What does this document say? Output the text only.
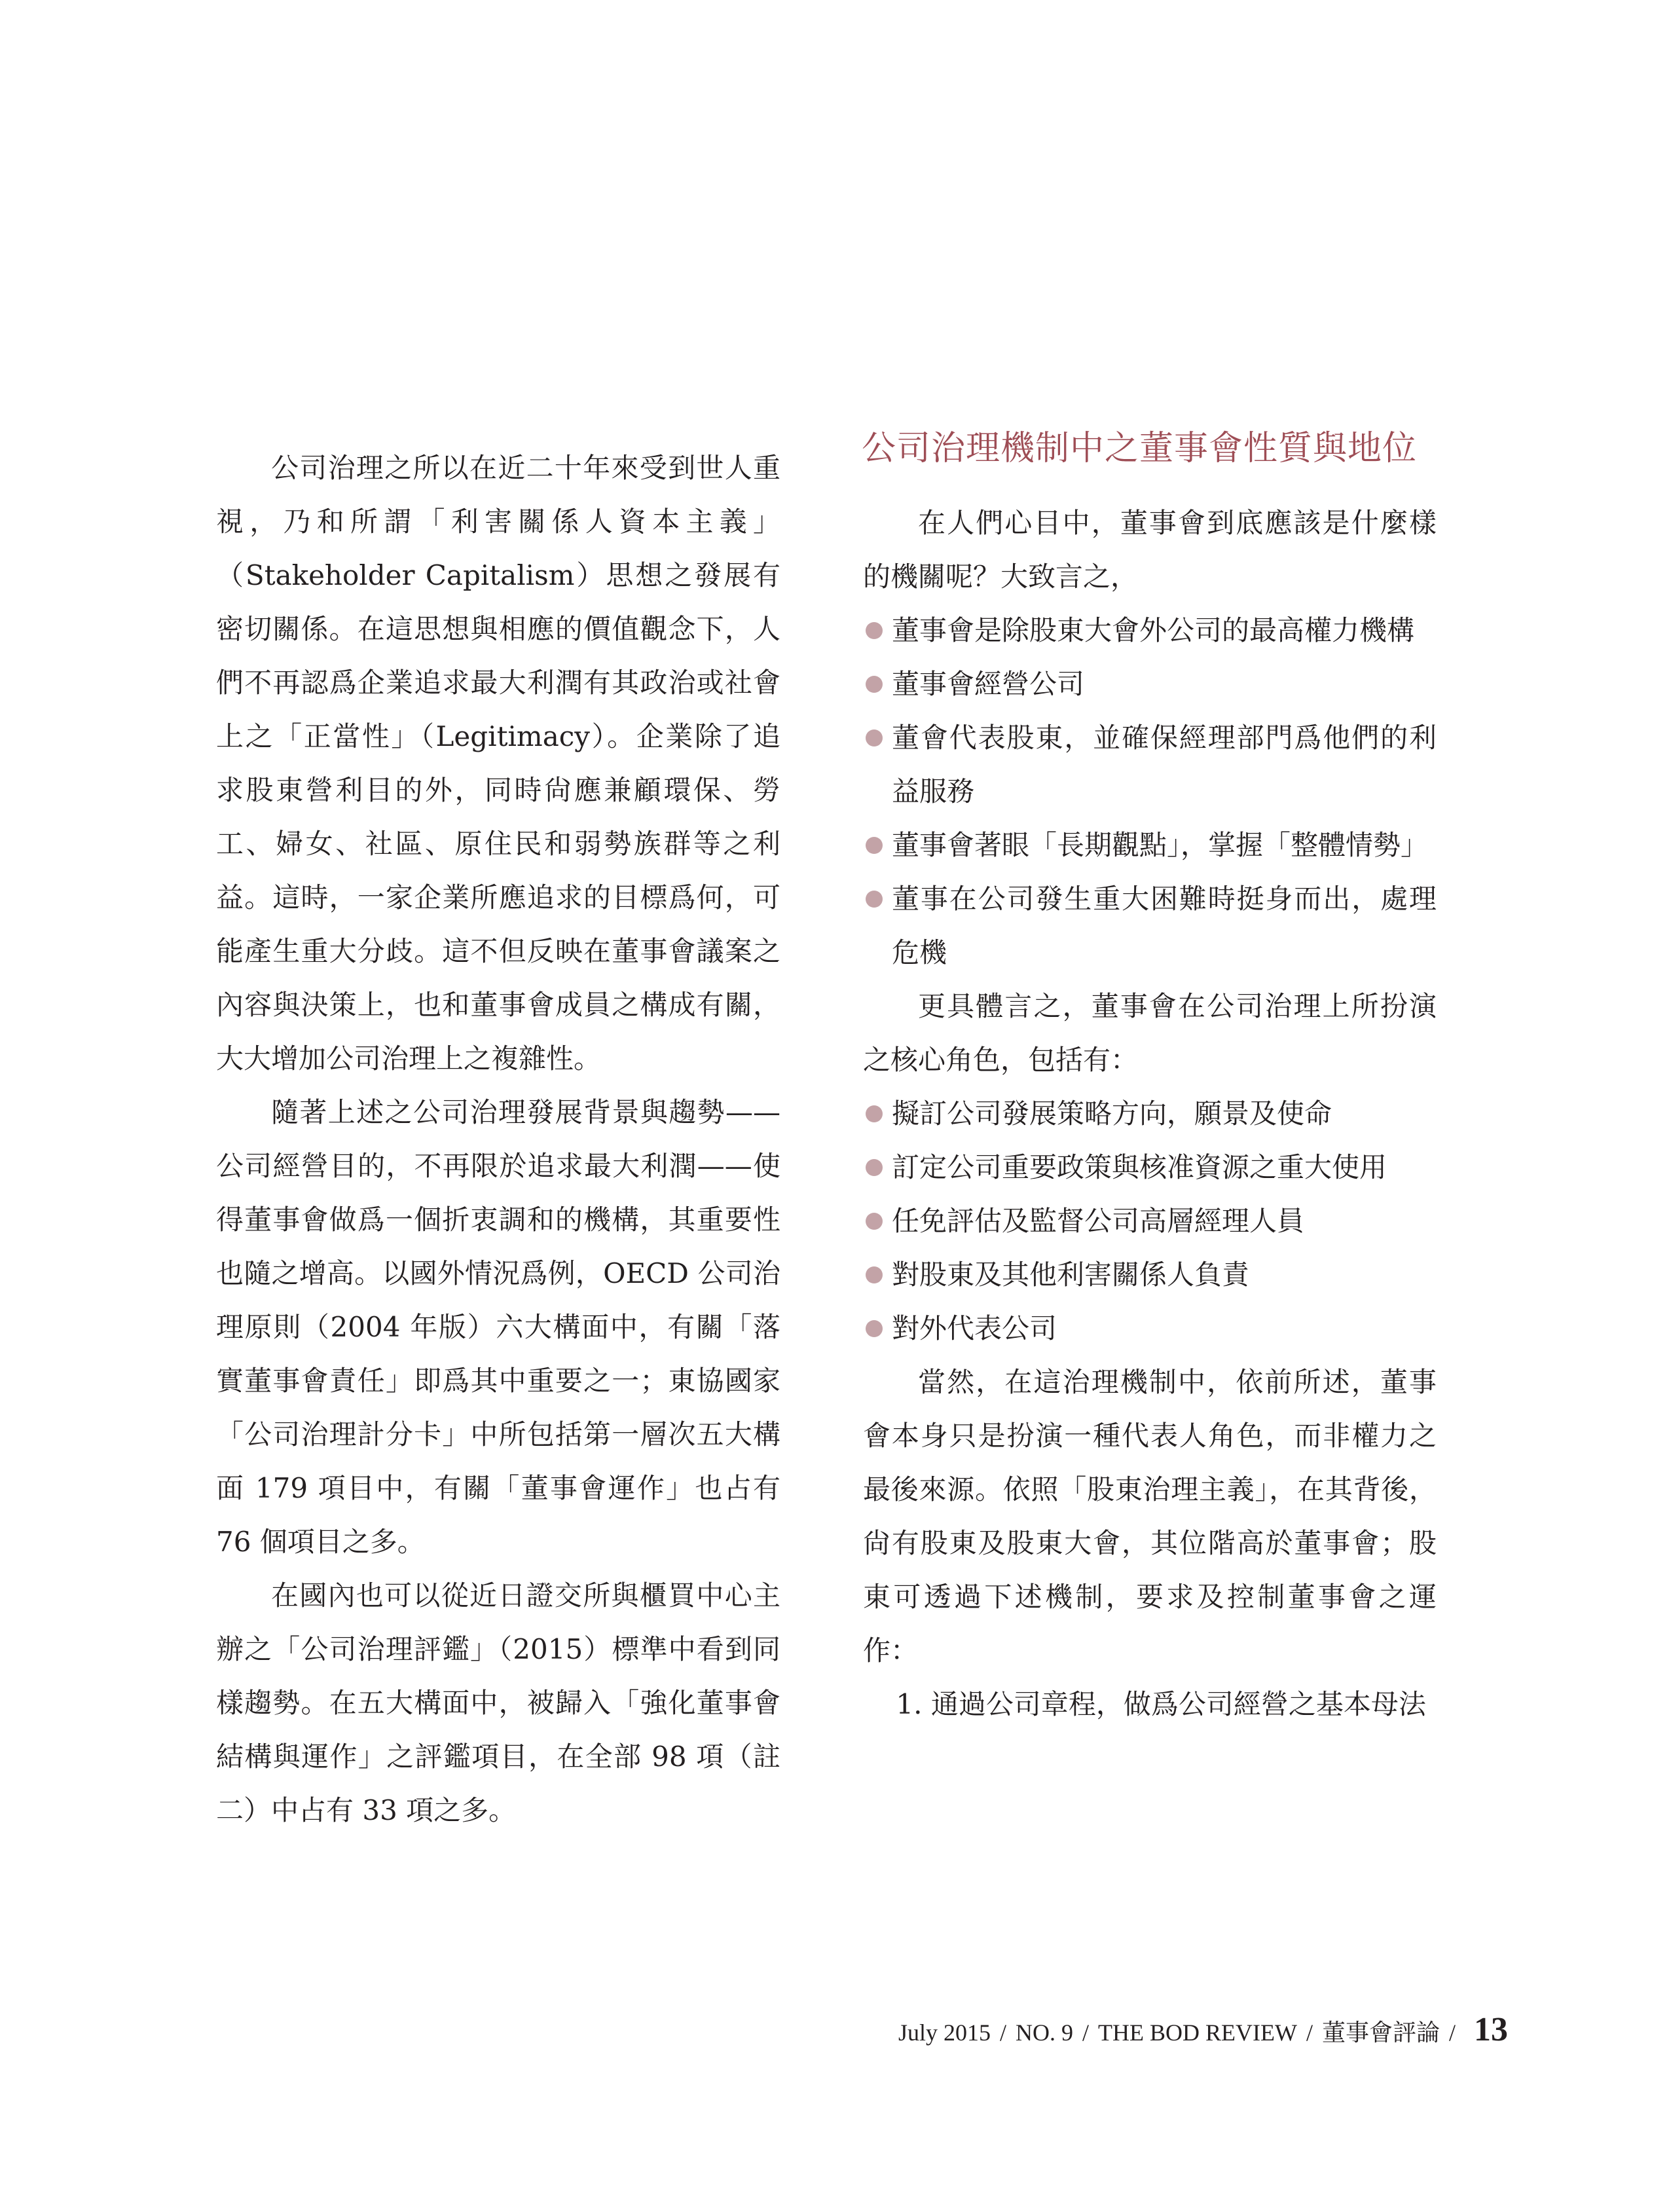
公司治理之所以在近二十年來受到世人重視，乃和所謂「利害關係人資本主義」（Stakeholder Capitalism）思想之發展有密切關係。在這思想與相應的價值觀念下，人們不再認爲企業追求最大利潤有其政治或社會上之「正當性」（Legitimacy）。企業除了追求股東營利目的外，同時尙應兼顧環保、勞工、婦女、社區、原住民和弱勢族群等之利益。這時，一家企業所應追求的目標爲何，可能產生重大分歧。這不但反映在董事會議案之內容與決策上，也和董事會成員之構成有關，大大增加公司治理上之複雜性。

隨著上述之公司治理發展背景與趨勢——公司經營目的，不再限於追求最大利潤——使得董事會做爲一個折衷調和的機構，其重要性也隨之增高。以國外情況爲例，OECD 公司治理原則（2004 年版）六大構面中，有關「落實董事會責任」即爲其中重要之一；東協國家「公司治理計分卡」中所包括第一層次五大構面 179 項目中，有關「董事會運作」也占有 76 個項目之多。

在國內也可以從近日證交所與櫃買中心主辦之「公司治理評鑑」（2015）標準中看到同樣趨勢。在五大構面中，被歸入「強化董事會結構與運作」之評鑑項目，在全部 98 項（註二）中占有 33 項之多。

公司治理機制中之董事會性質與地位

在人們心目中，董事會到底應該是什麼樣的機關呢？大致言之，

董事會是除股東大會外公司的最高權力機構
董事會經營公司
董會代表股東，並確保經理部門爲他們的利益服務
董事會著眼「長期觀點」，掌握「整體情勢」
董事在公司發生重大困難時挺身而出，處理危機

更具體言之，董事會在公司治理上所扮演之核心角色，包括有：

擬訂公司發展策略方向，願景及使命
訂定公司重要政策與核准資源之重大使用
任免評估及監督公司高層經理人員
對股東及其他利害關係人負責
對外代表公司

當然，在這治理機制中，依前所述，董事會本身只是扮演一種代表人角色，而非權力之最後來源。依照「股東治理主義」，在其背後，尙有股東及股東大會，其位階高於董事會；股東可透過下述機制，要求及控制董事會之運作：

1. 通過公司章程，做爲公司經營之基本母法

July 2015 / NO. 9 / THE BOD REVIEW / 董事會評論 / 13
